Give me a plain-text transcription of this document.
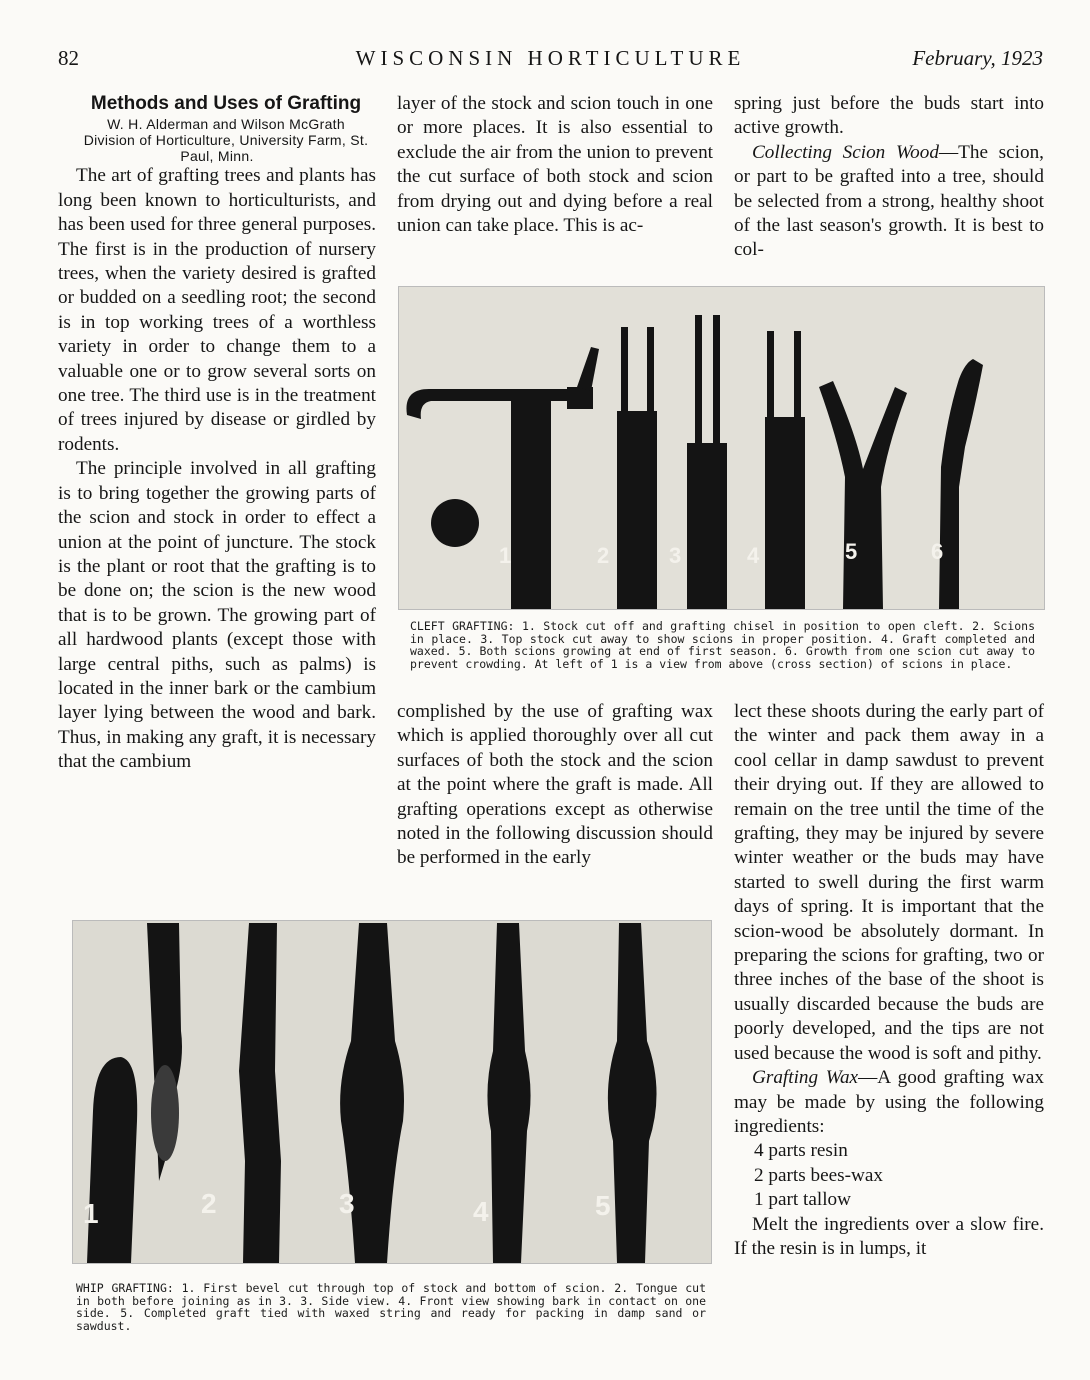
82	WISCONSIN HORTICULTURE	February, 1923

Methods and Uses of Grafting

W. H. Alderman and Wilson McGrath

Division of Horticulture, University Farm, St. Paul, Minn.

The art of grafting trees and plants has long been known to horticulturists, and has been used for three general purposes. The first is in the production of nursery trees, when the variety desired is grafted or budded on a seedling root; the second is in top working trees of a worthless variety in order to change them to a valuable one or to grow several sorts on one tree. The third use is in the treatment of trees injured by disease or girdled by rodents.

The principle involved in all grafting is to bring together the growing parts of the scion and stock in order to effect a union at the point of juncture. The stock is the plant or root that the grafting is to be done on; the scion is the new wood that is to be grown. The growing part of all hardwood plants (except those with large central piths, such as palms) is located in the inner bark or the cambium layer lying between the wood and bark. Thus, in making any graft, it is necessary that the cambium

layer of the stock and scion touch in one or more places. It is also essential to exclude the air from the union to prevent the cut surface of both stock and scion from drying out and dying before a real union can take place. This is ac-

spring just before the buds start into active growth.

Collecting Scion Wood—The scion, or part to be grafted into a tree, should be selected from a strong, healthy shoot of the last season's growth. It is best to col-

1	2	3	4	5	6

CLEFT GRAFTING: 1. Stock cut off and grafting chisel in position to open cleft. 2. Scions in place. 3. Top stock cut away to show scions in proper position. 4. Graft completed and waxed. 5. Both scions growing at end of first season. 6. Growth from one scion cut away to prevent crowding. At left of 1 is a view from above (cross section) of scions in place.

complished by the use of grafting wax which is applied thoroughly over all cut surfaces of both the stock and the scion at the point where the graft is made. All grafting operations except as otherwise noted in the following discussion should be performed in the early

lect these shoots during the early part of the winter and pack them away in a cool cellar in damp sawdust to prevent their drying out. If they are allowed to remain on the tree until the time of the grafting, they may be injured by severe winter weather or the buds may have started to swell during the first warm days of spring. It is important that the scion-wood be absolutely dormant. In preparing the scions for grafting, two or three inches of the base of the shoot is usually discarded because the buds are poorly developed, and the tips are not used because the wood is soft and pithy.

Grafting Wax—A good grafting wax may be made by using the following ingredients:

4 parts resin
2 parts bees-wax
1 part tallow

Melt the ingredients over a slow fire. If the resin is in lumps, it

1	2	3	4	5

WHIP GRAFTING: 1. First bevel cut through top of stock and bottom of scion. 2. Tongue cut in both before joining as in 3. 3. Side view. 4. Front view showing bark in contact on one side. 5. Completed graft tied with waxed string and ready for packing in damp sand or sawdust.
